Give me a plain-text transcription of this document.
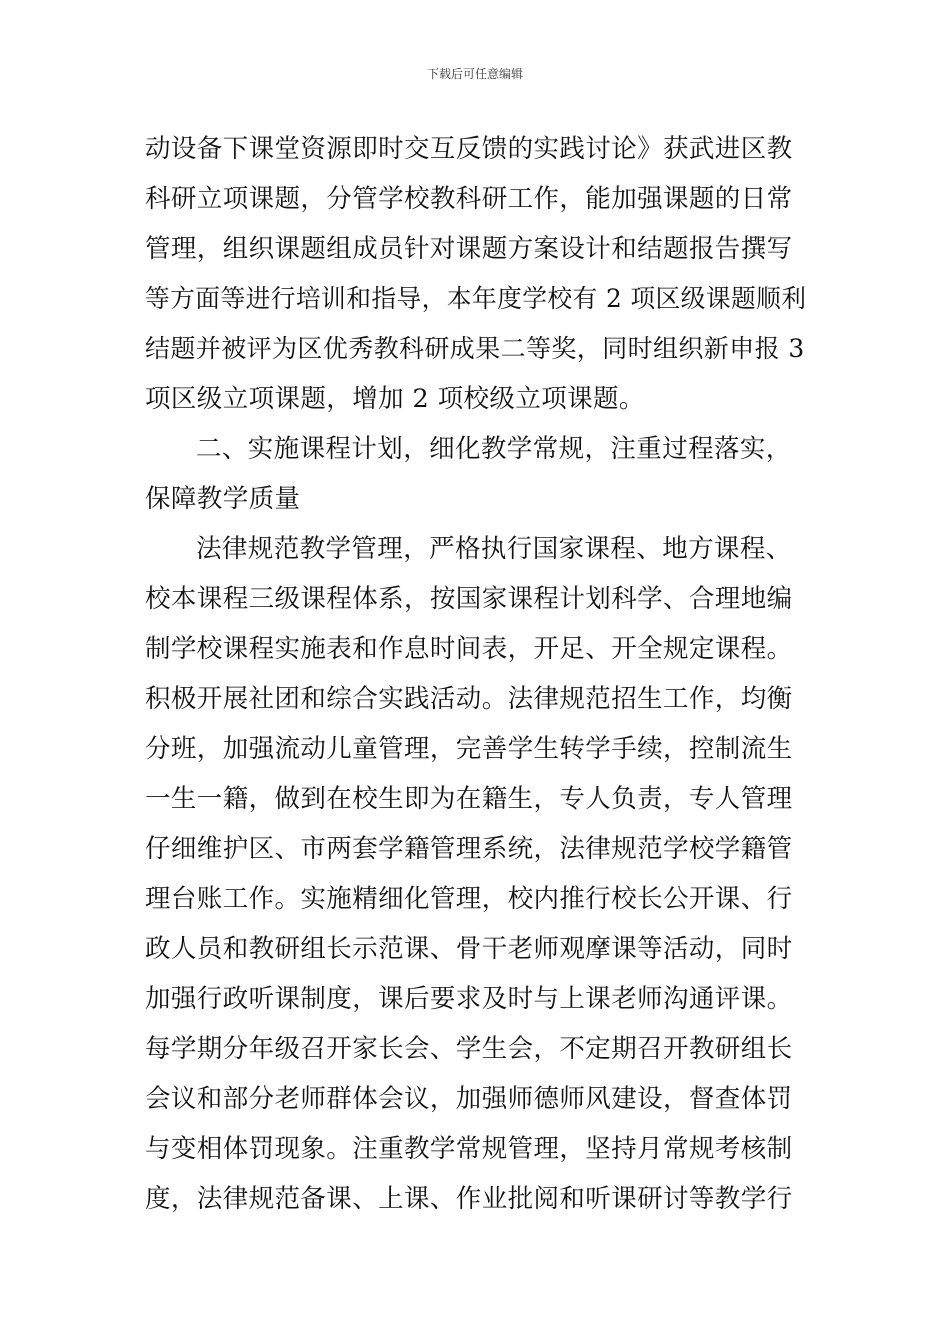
下载后可任意编辑
动设备下课堂资源即时交互反馈的实践讨论》获武进区教
科研立项课题，分管学校教科研工作，能加强课题的日常
管理，组织课题组成员针对课题方案设计和结题报告撰写
等方面等进行培训和指导，本年度学校有 2 项区级课题顺利
结题并被评为区优秀教科研成果二等奖，同时组织新申报 3
项区级立项课题，增加 2 项校级立项课题。
二、实施课程计划，细化教学常规，注重过程落实，
保障教学质量
法律规范教学管理，严格执行国家课程、地方课程、
校本课程三级课程体系，按国家课程计划科学、合理地编
制学校课程实施表和作息时间表，开足、开全规定课程。
积极开展社团和综合实践活动。法律规范招生工作，均衡
分班，加强流动儿童管理，完善学生转学手续，控制流生
一生一籍，做到在校生即为在籍生，专人负责，专人管理
仔细维护区、市两套学籍管理系统，法律规范学校学籍管
理台账工作。实施精细化管理，校内推行校长公开课、行
政人员和教研组长示范课、骨干老师观摩课等活动，同时
加强行政听课制度，课后要求及时与上课老师沟通评课。
每学期分年级召开家长会、学生会，不定期召开教研组长
会议和部分老师群体会议，加强师德师风建设，督查体罚
与变相体罚现象。注重教学常规管理，坚持月常规考核制
度，法律规范备课、上课、作业批阅和听课研讨等教学行
